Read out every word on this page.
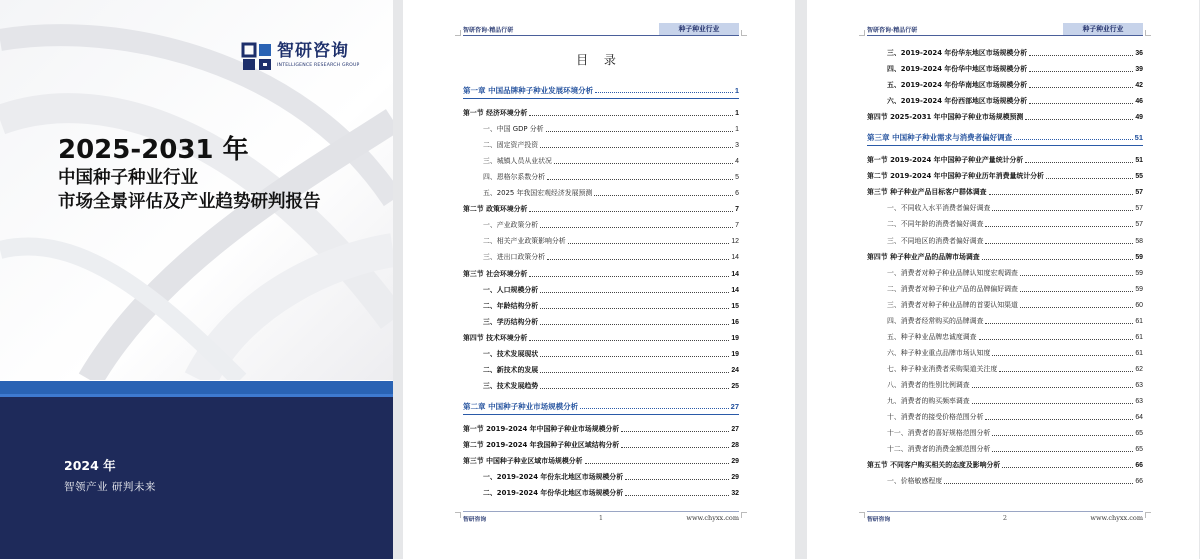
智研咨询
INTELLIGENCE RESEARCH GROUP
2025-2031 年
中国种子种业行业
市场全景评估及产业趋势研判报告
2024 年
智领产业 研判未来
智研咨询·精品行研	种子种业行业
目 录
第一章 中国品牌种子种业发展环境分析	1
第一节 经济环境分析	1
一、中国 GDP 分析	1
二、固定资产投资	3
三、城镇人员从业状况	4
四、恩格尔系数分析	5
五、2025 年我国宏观经济发展预测	6
第二节 政策环境分析	7
一、产业政策分析	7
二、相关产业政策影响分析	12
三、进出口政策分析	14
第三节 社会环境分析	14
一、人口规模分析	14
二、年龄结构分析	15
三、学历结构分析	16
第四节 技术环境分析	19
一、技术发展现状	19
二、新技术的发展	24
三、技术发展趋势	25
第二章 中国种子种业市场规模分析	27
第一节 2019-2024 年中国种子种业市场规模分析	27
第二节 2019-2024 年我国种子种业区域结构分析	28
第三节 中国种子种业区域市场规模分析	29
一、2019-2024 年份东北地区市场规模分析	29
二、2019-2024 年份华北地区市场规模分析	32
智研咨询	1	www.chyxx.com
智研咨询·精品行研	种子种业行业
三、2019-2024 年份华东地区市场规模分析	36
四、2019-2024 年份华中地区市场规模分析	39
五、2019-2024 年份华南地区市场规模分析	42
六、2019-2024 年份西部地区市场规模分析	46
第四节 2025-2031 年中国种子种业市场规模预测	49
第三章 中国种子种业需求与消费者偏好调查	51
第一节 2019-2024 年中国种子种业产量统计分析	51
第二节 2019-2024 年中国种子种业历年消费量统计分析	55
第三节 种子种业产品目标客户群体调查	57
一、不同收入水平消费者偏好调查	57
二、不同年龄的消费者偏好调查	57
三、不同地区的消费者偏好调查	58
第四节 种子种业产品的品牌市场调查	59
一、消费者对种子种业品牌认知度宏观调查	59
二、消费者对种子种业产品的品牌偏好调查	59
三、消费者对种子种业品牌的首要认知渠道	60
四、消费者经常购买的品牌调查	61
五、种子种业品牌忠诚度调查	61
六、种子种业重点品牌市场认知度	61
七、种子种业消费者采购渠道关注度	62
八、消费者的性别比例调查	63
九、消费者的购买频率调查	63
十、消费者的接受价格范围分析	64
十一、消费者的喜好规格范围分析	65
十二、消费者的消费金额范围分析	65
第五节 不同客户购买相关的态度及影响分析	66
一、价格敏感程度	66
智研咨询	2	www.chyxx.com
